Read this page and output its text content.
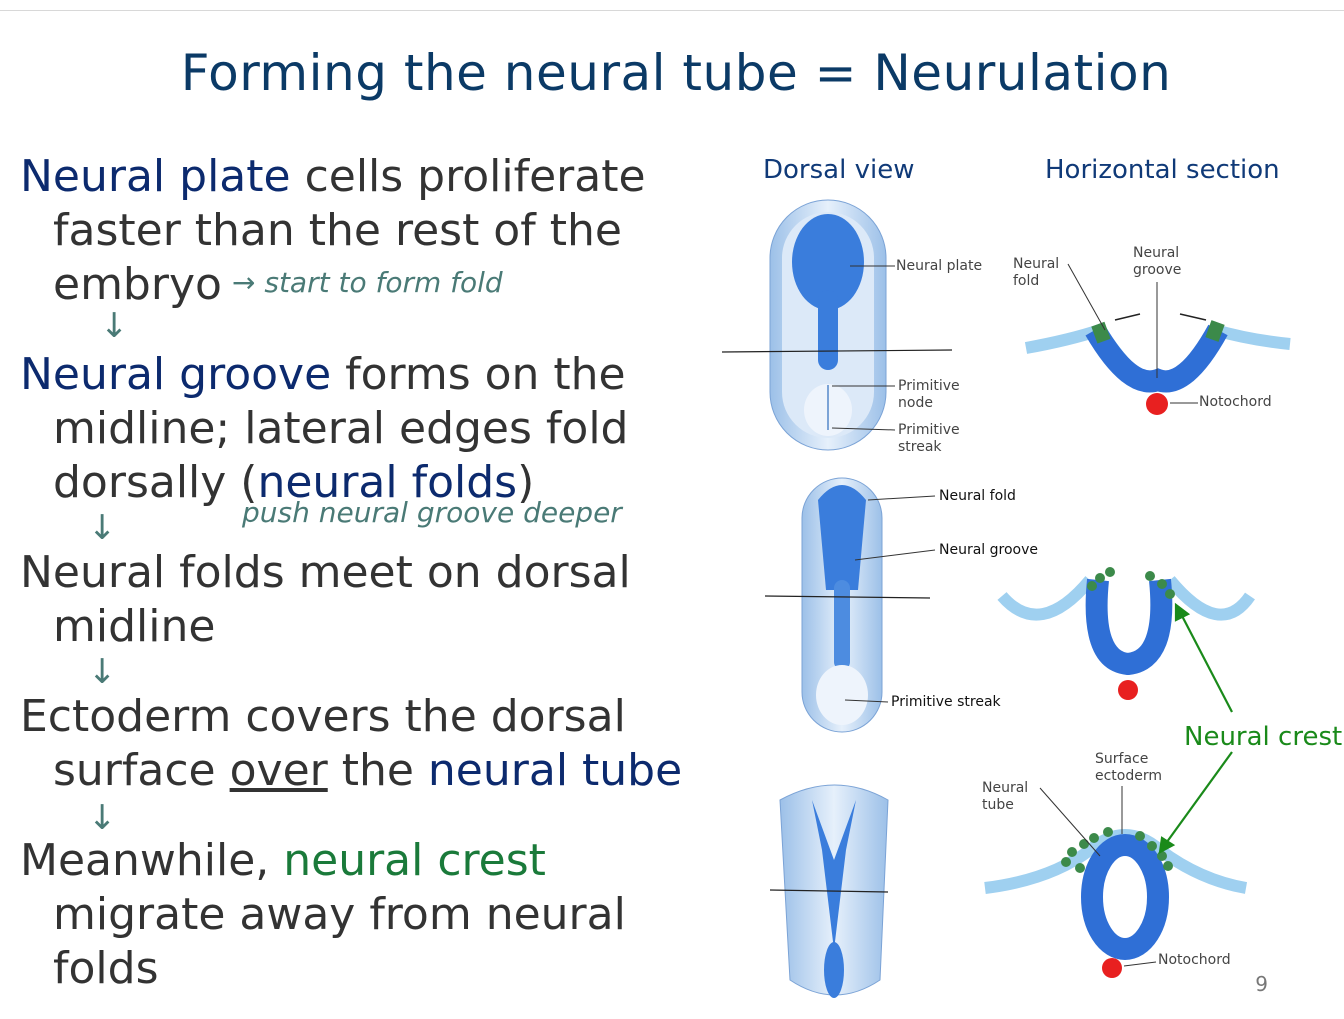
Forming the neural tube = Neurulation
Neural plate cells proliferate
faster than the rest of the
embryo
Neural groove forms on the
midline; lateral edges fold
dorsally (neural folds)
Neural folds meet on dorsal
midline
Ectoderm covers the dorsal
surface over the neural tube
Meanwhile, neural crest
migrate away from neural
folds
→ start to form fold
push neural groove deeper
↓
↓
↓
↓
Dorsal view	Horizontal section
Neural plate
Primitive
node
Primitive
streak
Neural
fold
Neural
groove
Notochord
Neural fold
Neural groove
Primitive streak
Neural crest
Surface
ectoderm
Neural
tube
Notochord
9
